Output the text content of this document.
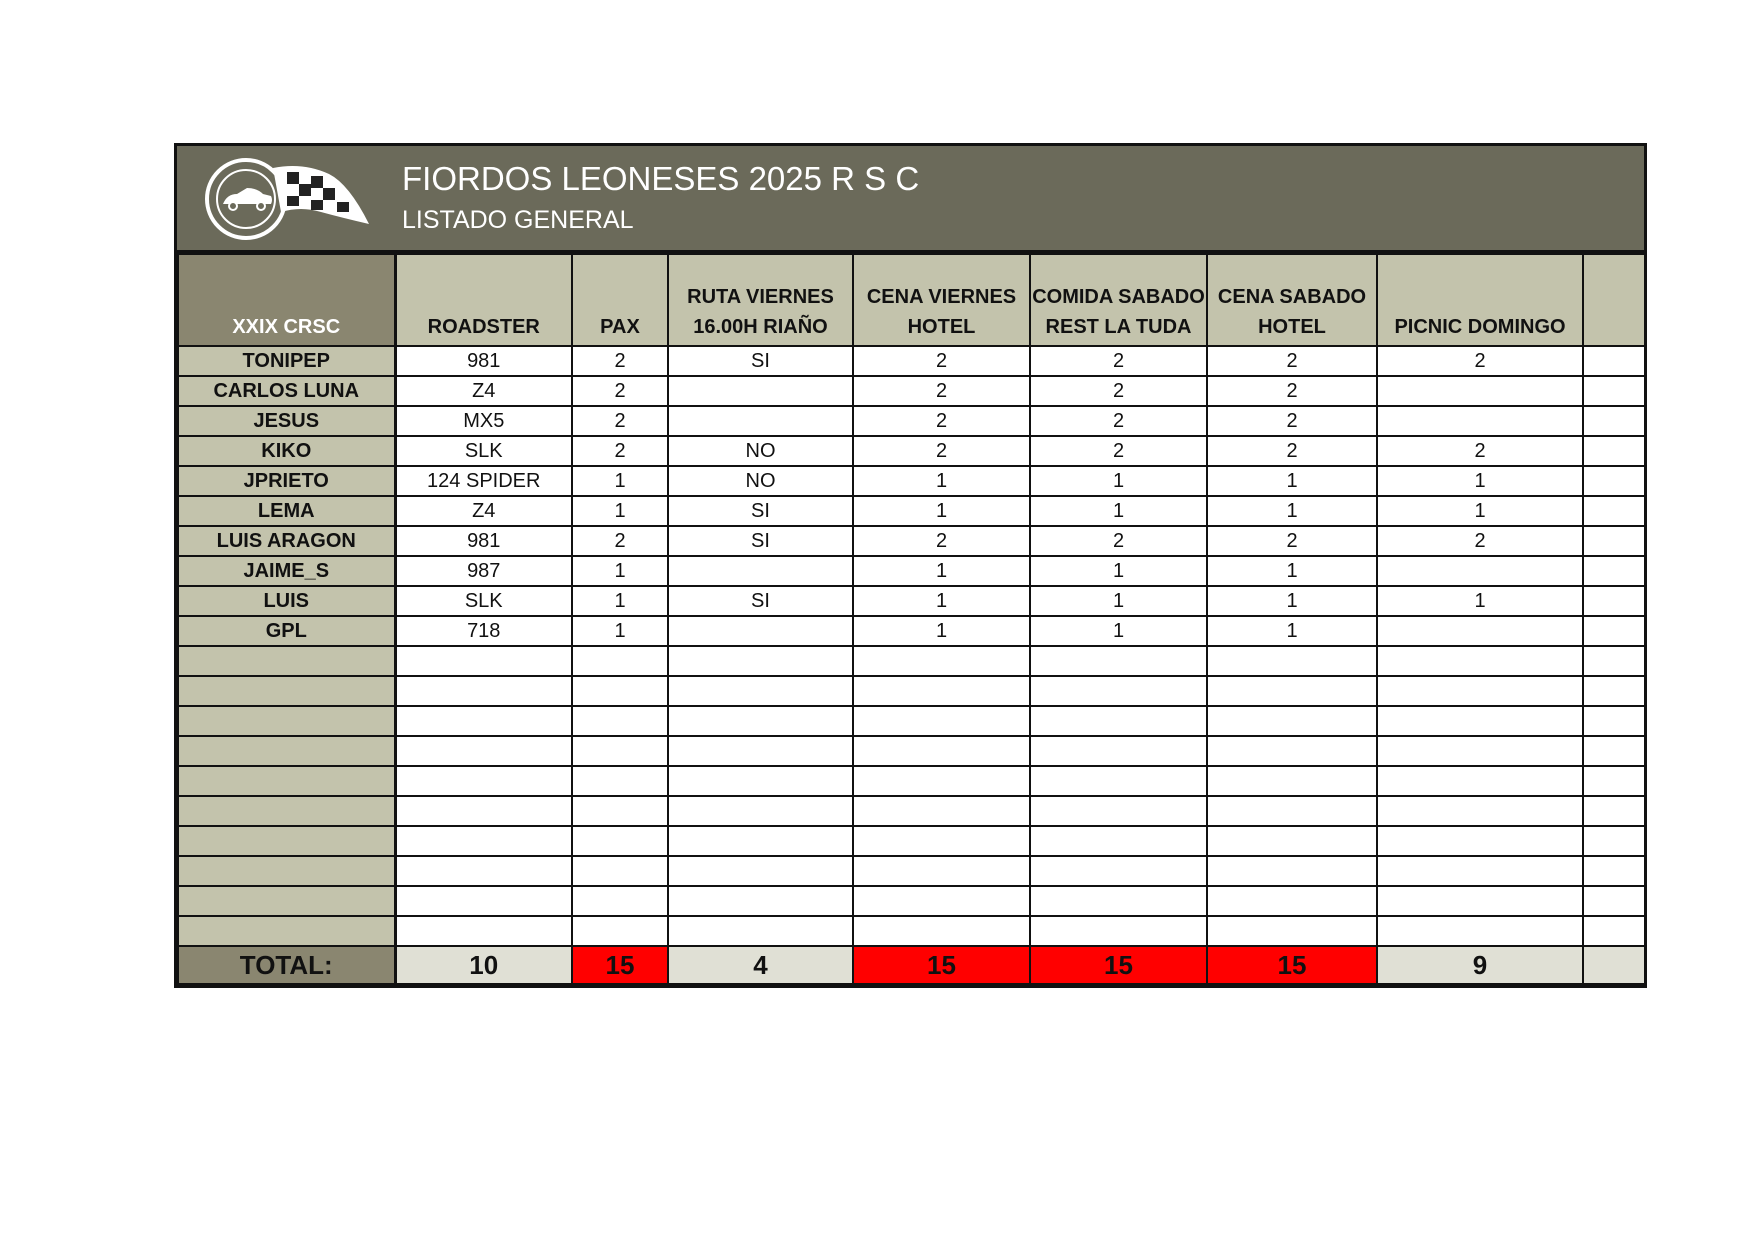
FIORDOS LEONESES 2025 R S C
LISTADO GENERAL
XXIX CRSC	ROADSTER	PAX	RUTA VIERNES 16.00H RIAÑO	CENA VIERNES HOTEL	COMIDA SABADO REST LA TUDA	CENA SABADO HOTEL	PICNIC DOMINGO	
TONIPEP	981	2	SI	2	2	2	2	
CARLOS LUNA	Z4	2		2	2	2		
JESUS	MX5	2		2	2	2		
KIKO	SLK	2	NO	2	2	2	2	
JPRIETO	124 SPIDER	1	NO	1	1	1	1	
LEMA	Z4	1	SI	1	1	1	1	
LUIS ARAGON	981	2	SI	2	2	2	2	
JAIME_S	987	1		1	1	1		
LUIS	SLK	1	SI	1	1	1	1	
GPL	718	1		1	1	1		

TOTAL:	10	15	4	15	15	15	9	
